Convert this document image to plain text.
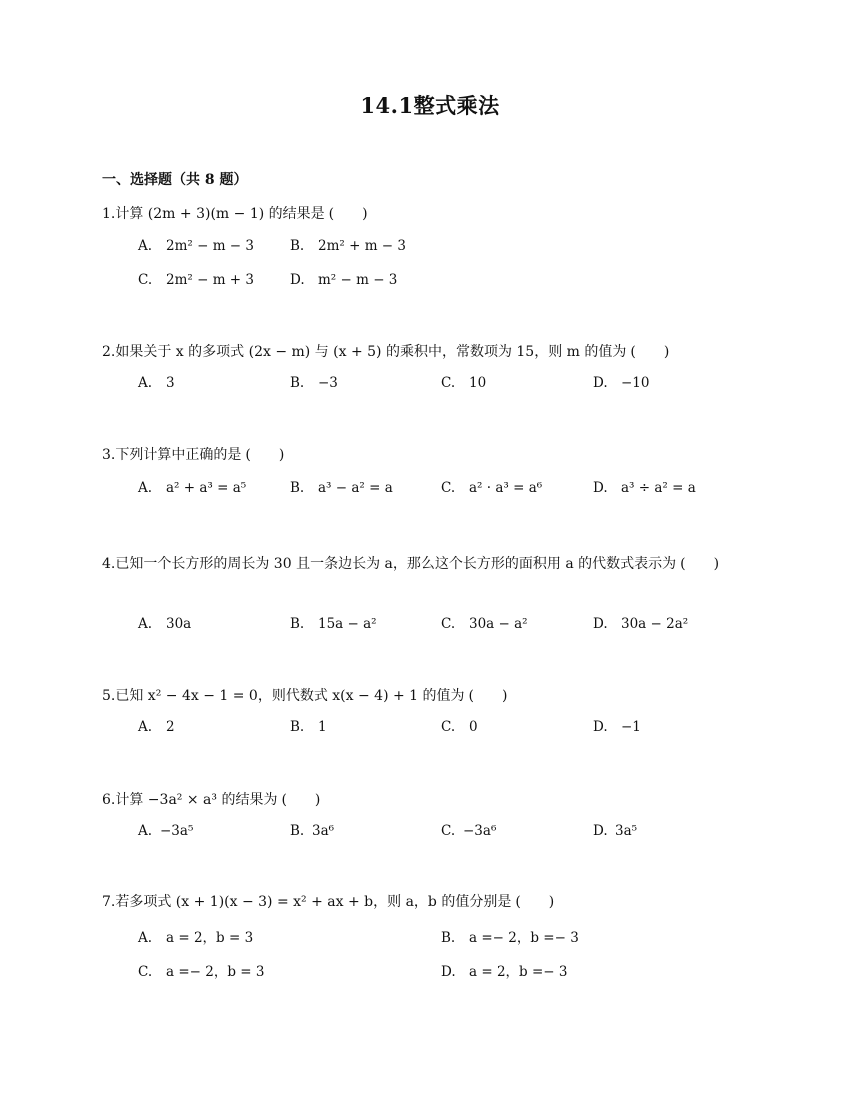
14.1整式乘法
一、选择题（共 8 题）
1.计算 (2m + 3)(m − 1) 的结果是 (　　)
A. 2m² − m − 3	B. 2m² + m − 3
C. 2m² − m + 3	D. m² − m − 3
2.如果关于 x 的多项式 (2x − m) 与 (x + 5) 的乘积中，常数项为 15，则 m 的值为 (　　)
A. 3	B. −3	C. 10	D. −10
3.下列计算中正确的是 (　　)
A. a² + a³ = a⁵	B. a³ − a² = a	C. a² · a³ = a⁶	D. a³ ÷ a² = a
4.已知一个长方形的周长为 30 且一条边长为 a，那么这个长方形的面积用 a 的代数式表示为 (　　)
A. 30a	B. 15a − a²	C. 30a − a²	D. 30a − 2a²
5.已知 x² − 4x − 1 = 0，则代数式 x(x − 4) + 1 的值为 (　　)
A. 2	B. 1	C. 0	D. −1
6.计算 −3a² × a³ 的结果为 (　　)
A. −3a⁵	B. 3a⁶	C. −3a⁶	D. 3a⁵
7.若多项式 (x + 1)(x − 3) = x² + ax + b，则 a，b 的值分别是 (　　)
A. a = 2，b = 3	B. a =− 2，b =− 3
C. a =− 2，b = 3	D. a = 2，b =− 3
